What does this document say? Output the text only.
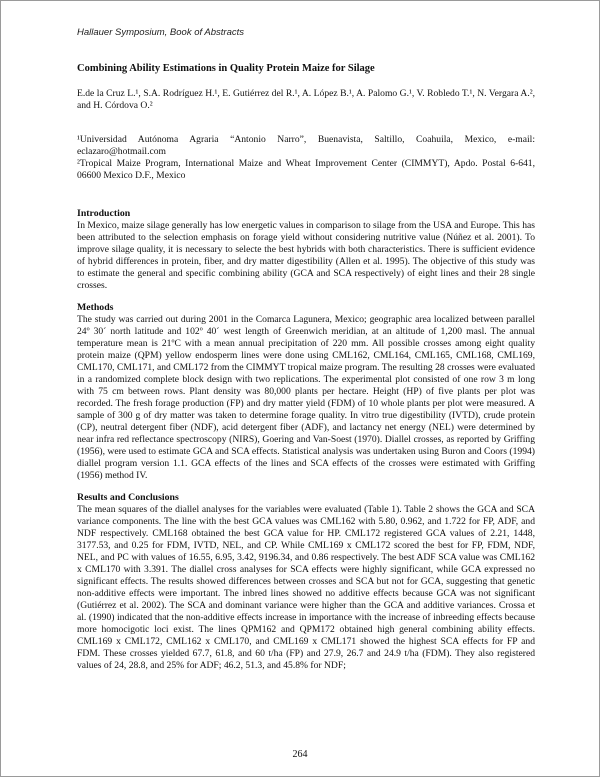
Hallauer Symposium, Book of Abstracts
Combining Ability Estimations in Quality Protein Maize for Silage

E.de la Cruz L.¹, S.A. Rodríguez H.¹, E. Gutiérrez del R.¹, A. López B.¹, A. Palomo G.¹, V. Robledo T.¹, N. Vergara A.², and H. Córdova O.²

¹Universidad Autónoma Agraria “Antonio Narro”, Buenavista, Saltillo, Coahuila, Mexico, e-mail: eclazaro@hotmail.com

²Tropical Maize Program, International Maize and Wheat Improvement Center (CIMMYT), Apdo. Postal 6-641, 06600 Mexico D.F., Mexico

Introduction

In Mexico, maize silage generally has low energetic values in comparison to silage from the USA and Europe. This has been attributed to the selection emphasis on forage yield without considering nutritive value (Núñez et al. 2001). To improve silage quality, it is necessary to selecte the best hybrids with both characteristics. There is sufficient evidence of hybrid differences in protein, fiber, and dry matter digestibility (Allen et al. 1995). The objective of this study was to estimate the general and specific combining ability (GCA and SCA respectively) of eight lines and their 28 single crosses.

Methods

The study was carried out during 2001 in the Comarca Lagunera, Mexico; geographic area localized between parallel 24º 30´ north latitude and 102º 40´ west length of Greenwich meridian, at an altitude of 1,200 masl. The annual temperature mean is 21ºC with a mean annual precipitation of 220 mm. All possible crosses among eight quality protein maize (QPM) yellow endosperm lines were done using CML162, CML164, CML165, CML168, CML169, CML170, CML171, and CML172 from the CIMMYT tropical maize program. The resulting 28 crosses were evaluated in a randomized complete block design with two replications. The experimental plot consisted of one row 3 m long with 75 cm between rows. Plant density was 80,000 plants per hectare. Height (HP) of five plants per plot was recorded. The fresh forage production (FP) and dry matter yield (FDM) of 10 whole plants per plot were measured. A sample of 300 g of dry matter was taken to determine forage quality. In vitro true digestibility (IVTD), crude protein (CP), neutral detergent fiber (NDF), acid detergent fiber (ADF), and lactancy net energy (NEL) were determined by near infra red reflectance spectroscopy (NIRS), Goering and Van-Soest (1970). Diallel crosses, as reported by Griffing (1956), were used to estimate GCA and SCA effects. Statistical analysis was undertaken using Buron and Coors (1994) diallel program version 1.1. GCA effects of the lines and SCA effects of the crosses were estimated with Griffing (1956) method IV.

Results and Conclusions

The mean squares of the diallel analyses for the variables were evaluated (Table 1). Table 2 shows the GCA and SCA variance components. The line with the best GCA values was CML162 with 5.80, 0.962, and 1.722 for FP, ADF, and NDF respectively. CML168 obtained the best GCA value for HP. CML172 registered GCA values of 2.21, 1448, 3177.53, and 0.25 for FDM, IVTD, NEL, and CP. While CML169 x CML172 scored the best for FP, FDM, NDF, NEL, and PC with values of 16.55, 6.95, 3.42, 9196.34, and 0.86 respectively. The best ADF SCA value was CML162 x CML170 with 3.391. The diallel cross analyses for SCA effects were highly significant, while GCA expressed no significant effects. The results showed differences between crosses and SCA but not for GCA, suggesting that genetic non-additive effects were important. The inbred lines showed no additive effects because GCA was not significant (Gutiérrez et al. 2002). The SCA and dominant variance were higher than the GCA and additive variances. Crossa et al. (1990) indicated that the non-additive effects increase in importance with the increase of inbreeding effects because more homocigotic loci exist. The lines QPM162 and QPM172 obtained high general combining ability effects. CML169 x CML172, CML162 x CML170, and CML169 x CML171 showed the highest SCA effects for FP and FDM. These crosses yielded 67.7, 61.8, and 60 t/ha (FP) and 27.9, 26.7 and 24.9 t/ha (FDM). They also registered values of 24, 28.8, and 25% for ADF; 46.2, 51.3, and 45.8% for NDF;

264
